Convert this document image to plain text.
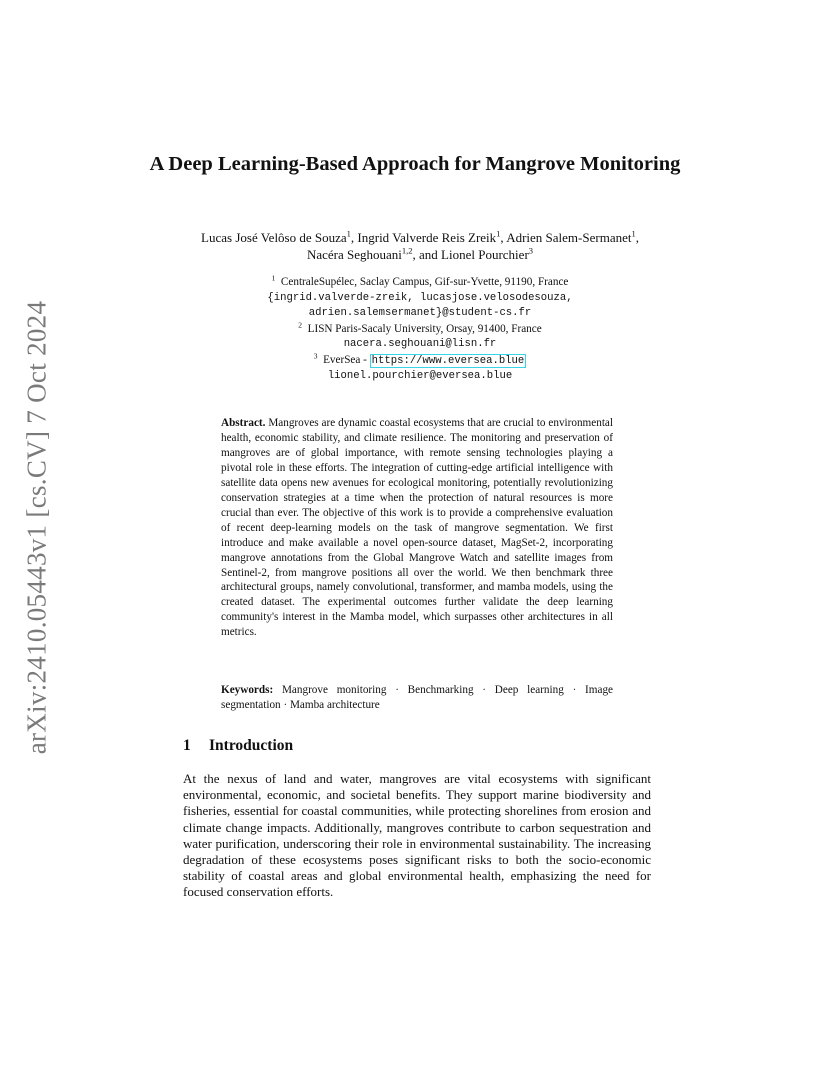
arXiv:2410.05443v1 [cs.CV] 7 Oct 2024
A Deep Learning-Based Approach for Mangrove Monitoring
Lucas José Velôso de Souza$^1$, Ingrid Valverde Reis Zreik$^1$, Adrien Salem-Sermanet$^1$, Nacéra Seghouani$^{1,2}$, and Lionel Pourchier$^3$
$^1$ CentraleSupélec, Saclay Campus, Gif-sur-Yvette, 91190, France
{ingrid.valverde-zreik, lucasjose.velosodesouza,
adrien.salemsermanet}@student-cs.fr
$^2$ LISN Paris-Sacaly University, Orsay, 91400, France
nacera.seghouani@lisn.fr
$^3$ EverSea - https://www.eversea.blue
lionel.pourchier@eversea.blue

Abstract. Mangroves are dynamic coastal ecosystems that are crucial to environmental health, economic stability, and climate resilience. The monitoring and preservation of mangroves are of global importance, with remote sensing technologies playing a pivotal role in these efforts. The integration of cutting-edge artificial intelligence with satellite data opens new avenues for ecological monitoring, potentially revolutionizing conservation strategies at a time when the protection of natural resources is more crucial than ever. The objective of this work is to provide a comprehensive evaluation of recent deep-learning models on the task of mangrove segmentation. We first introduce and make available a novel open-source dataset, MagSet-2, incorporating mangrove annotations from the Global Mangrove Watch and satellite images from Sentinel-2, from mangrove positions all over the world. We then benchmark three architectural groups, namely convolutional, transformer, and mamba models, using the created dataset. The experimental outcomes further validate the deep learning community's interest in the Mamba model, which surpasses other architectures in all metrics.

Keywords: Mangrove monitoring · Benchmarking · Deep learning · Image segmentation · Mamba architecture

1 Introduction

At the nexus of land and water, mangroves are vital ecosystems with significant environmental, economic, and societal benefits. They support marine biodiversity and fisheries, essential for coastal communities, while protecting shorelines from erosion and climate change impacts. Additionally, mangroves contribute to carbon sequestration and water purification, underscoring their role in environmental sustainability. The increasing degradation of these ecosystems poses significant risks to both the socio-economic stability of coastal areas and global environmental health, emphasizing the need for focused conservation efforts.
